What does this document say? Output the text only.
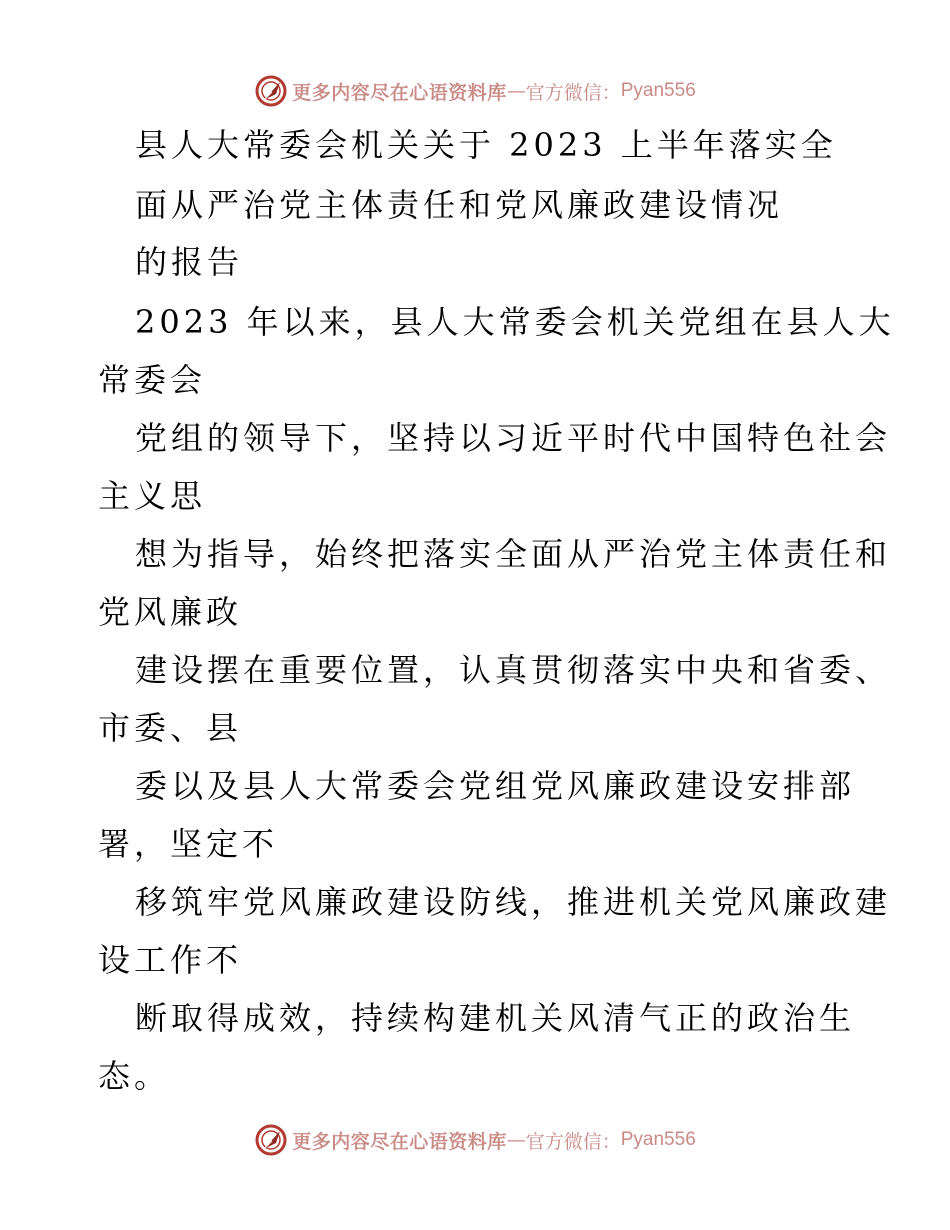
更多内容尽在心语资料库 — 官方微信： Pyan556

县人大常委会机关关于 2023 上半年落实全

面从严治党主体责任和党风廉政建设情况

的报告

2023 年以来，县人大常委会机关党组在县人大

常委会

党组的领导下，坚持以习近平时代中国特色社会

主义思

想为指导，始终把落实全面从严治党主体责任和

党风廉政

建设摆在重要位置，认真贯彻落实中央和省委、

市委、县

委以及县人大常委会党组党风廉政建设安排部

署，坚定不

移筑牢党风廉政建设防线，推进机关党风廉政建

设工作不

断取得成效，持续构建机关风清气正的政治生

态。

更多内容尽在心语资料库 — 官方微信： Pyan556
